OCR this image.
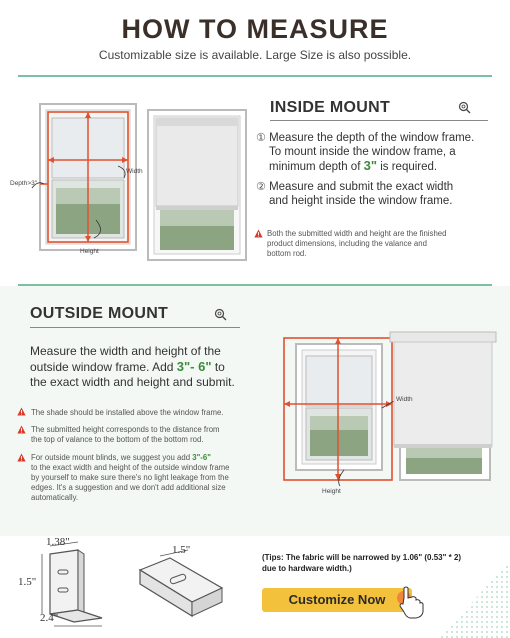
HOW TO MEASURE
Customizable size is available. Large Size is also possible.
Depth>3"
Width
Height
INSIDE MOUNT
① Measure the depth of the window frame.
To mount inside the window frame, a
minimum depth of 3" is required.
② Measure and submit the exact width
and height inside the window frame.
Both the submitted width and height are the finished
product dimensions, including the valance and
bottom rod.
OUTSIDE MOUNT
Measure the width and height of the
outside window frame. Add 3"- 6" to
the exact width and height and submit.
The shade should be installed above the window frame.
The submitted height corresponds to the distance from
the top of valance to the bottom of the bottom rod.
For outside mount blinds, we suggest you add 3"-6"
to the exact width and height of the outside window frame
by yourself to make sure there's no light leakage from the
edges. It's a suggestion and we don't add additional size
automatically.
Width
Height
1.38"
1.5"
2.4"
1.5"
(Tips: The fabric will be narrowed by 1.06" (0.53" * 2)
due to hardware width.)
Customize Now
